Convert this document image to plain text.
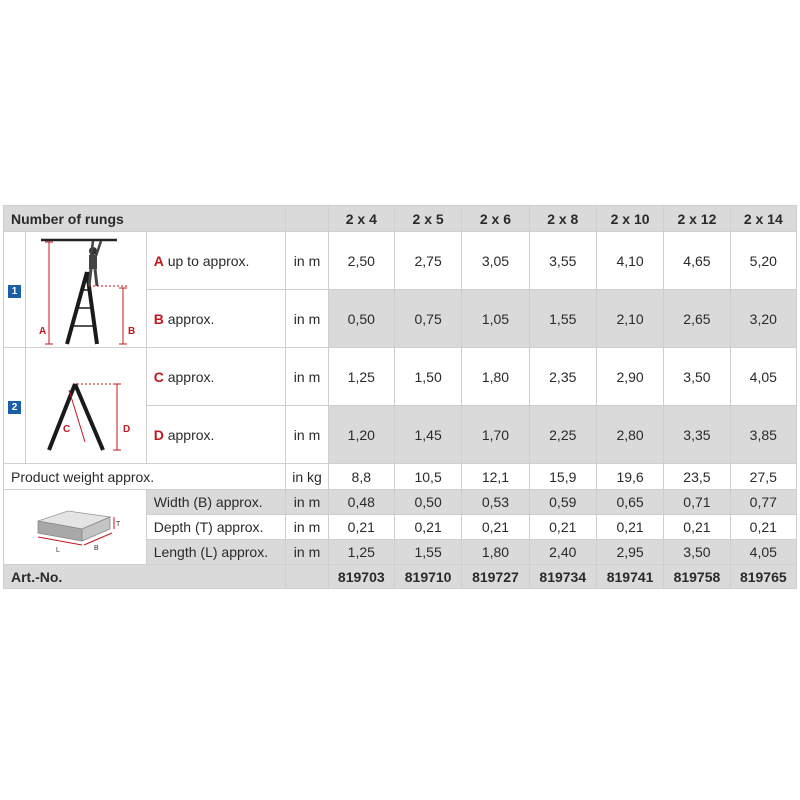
Number of rungs				2 x 4	2 x 5	2 x 6	2 x 8	2 x 10	2 x 12	2 x 14
1	A B	A up to approx.	in m	2,50	2,75	3,05	3,55	4,10	4,65	5,20
		B approx.	in m	0,50	0,75	1,05	1,55	2,10	2,65	3,20
2	C D	C approx.	in m	1,25	1,50	1,80	2,35	2,90	3,50	4,05
		D approx.	in m	1,20	1,45	1,70	2,25	2,80	3,35	3,85
Product weight approx.			in kg	8,8	10,5	12,1	15,9	19,6	23,5	27,5

T
L B		Width (B) approx.	in m	0,48	0,50	0,53	0,59	0,65	0,71	0,77
		Depth (T) approx.	in m	0,21	0,21	0,21	0,21	0,21	0,21	0,21
		Length (L) approx.	in m	1,25	1,55	1,80	2,40	2,95	3,50	4,05
Art.-No.				819703	819710	819727	819734	819741	819758	819765
